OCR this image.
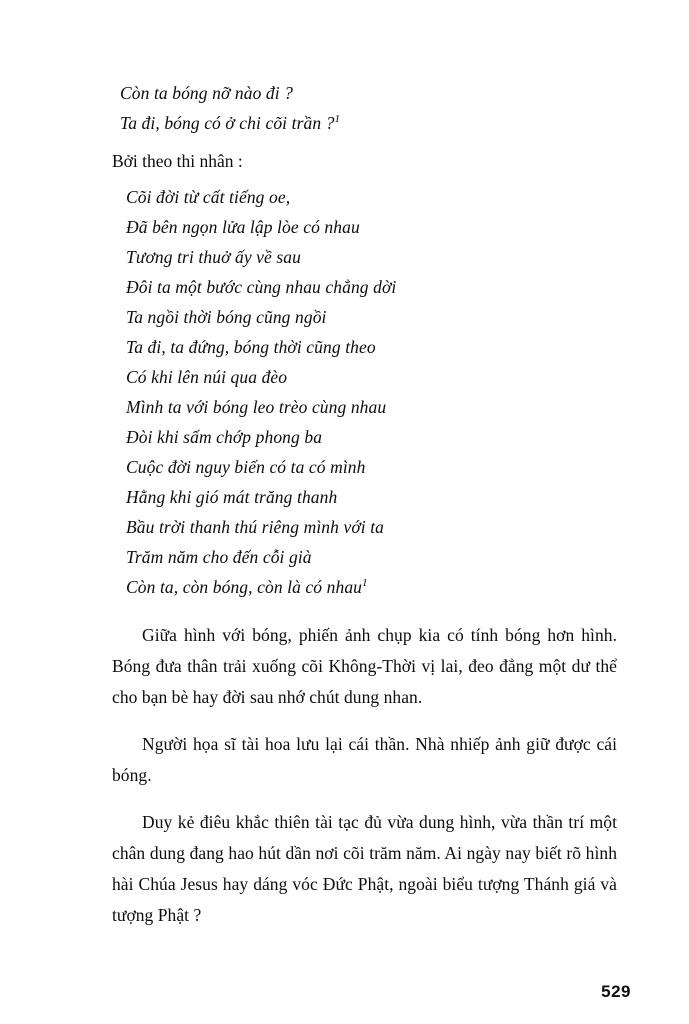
Còn ta bóng nỡ nào đi ?
Ta đi, bóng có ở chi cõi trần ?$^1$
Bởi theo thi nhân :
Cõi đời từ cất tiếng oe,
Đã bên ngọn lửa lập lòe có nhau
Tương tri thuở ấy về sau
Đôi ta một bước cùng nhau chẳng dời
Ta ngồi thời bóng cũng ngồi
Ta đi, ta đứng, bóng thời cũng theo
Có khi lên núi qua đèo
Mình ta với bóng leo trèo cùng nhau
Đòi khi sấm chớp phong ba
Cuộc đời nguy biến có ta có mình
Hằng khi gió mát trăng thanh
Bầu trời thanh thú riêng mình với ta
Trăm năm cho đến cỗi già
Còn ta, còn bóng, còn là có nhau$^1$

Giữa hình với bóng, phiến ảnh chụp kia có tính bóng hơn hình. Bóng đưa thân trải xuống cõi Không-Thời vị lai, đeo đẳng một dư thể cho bạn bè hay đời sau nhớ chút dung nhan.

Người họa sĩ tài hoa lưu lại cái thần. Nhà nhiếp ảnh giữ được cái bóng.

Duy kẻ điêu khắc thiên tài tạc đủ vừa dung hình, vừa thần trí một chân dung đang hao hút dần nơi cõi trăm năm. Ai ngày nay biết rõ hình hài Chúa Jesus hay dáng vóc Đức Phật, ngoài biểu tượng Thánh giá và tượng Phật ?

529
